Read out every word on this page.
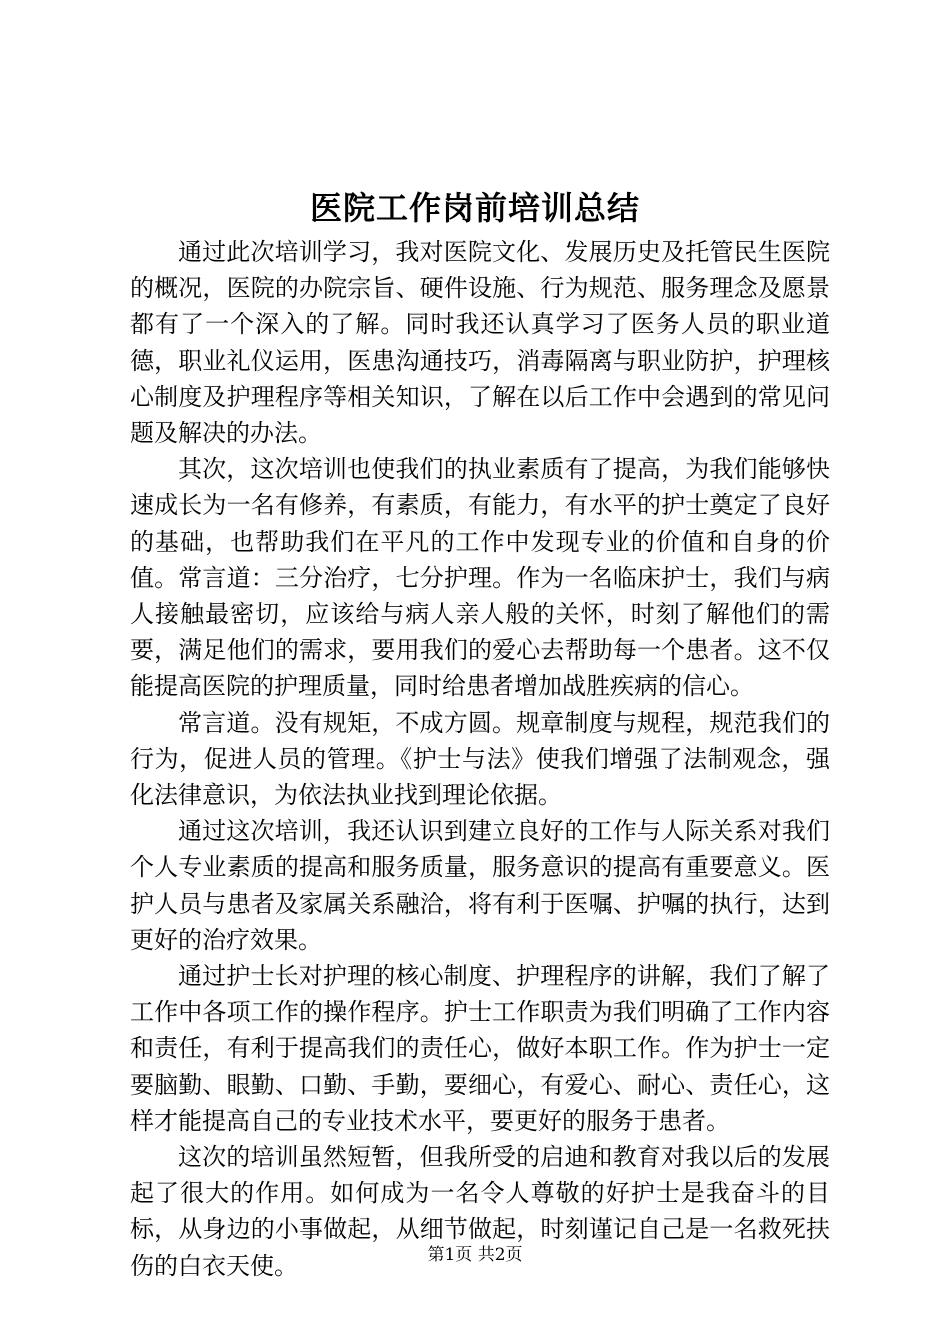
医院工作岗前培训总结

通过此次培训学习，我对医院文化、发展历史及托管民生医院的概况，医院的办院宗旨、硬件设施、行为规范、服务理念及愿景都有了一个深入的了解。同时我还认真学习了医务人员的职业道德，职业礼仪运用，医患沟通技巧，消毒隔离与职业防护，护理核心制度及护理程序等相关知识，了解在以后工作中会遇到的常见问题及解决的办法。

其次，这次培训也使我们的执业素质有了提高，为我们能够快速成长为一名有修养，有素质，有能力，有水平的护士奠定了良好的基础，也帮助我们在平凡的工作中发现专业的价值和自身的价值。常言道：三分治疗，七分护理。作为一名临床护士，我们与病人接触最密切，应该给与病人亲人般的关怀，时刻了解他们的需要，满足他们的需求，要用我们的爱心去帮助每一个患者。这不仅能提高医院的护理质量，同时给患者增加战胜疾病的信心。

常言道。没有规矩，不成方圆。规章制度与规程，规范我们的行为，促进人员的管理。《护士与法》使我们增强了法制观念，强化法律意识，为依法执业找到理论依据。

通过这次培训，我还认识到建立良好的工作与人际关系对我们个人专业素质的提高和服务质量，服务意识的提高有重要意义。医护人员与患者及家属关系融洽，将有利于医嘱、护嘱的执行，达到更好的治疗效果。

通过护士长对护理的核心制度、护理程序的讲解，我们了解了工作中各项工作的操作程序。护士工作职责为我们明确了工作内容和责任，有利于提高我们的责任心，做好本职工作。作为护士一定要脑勤、眼勤、口勤、手勤，要细心，有爱心、耐心、责任心，这样才能提高自己的专业技术水平，要更好的服务于患者。

这次的培训虽然短暂，但我所受的启迪和教育对我以后的发展起了很大的作用。如何成为一名令人尊敬的好护士是我奋斗的目标，从身边的小事做起，从细节做起，时刻谨记自己是一名救死扶伤的白衣天使。	第1页 共2页
